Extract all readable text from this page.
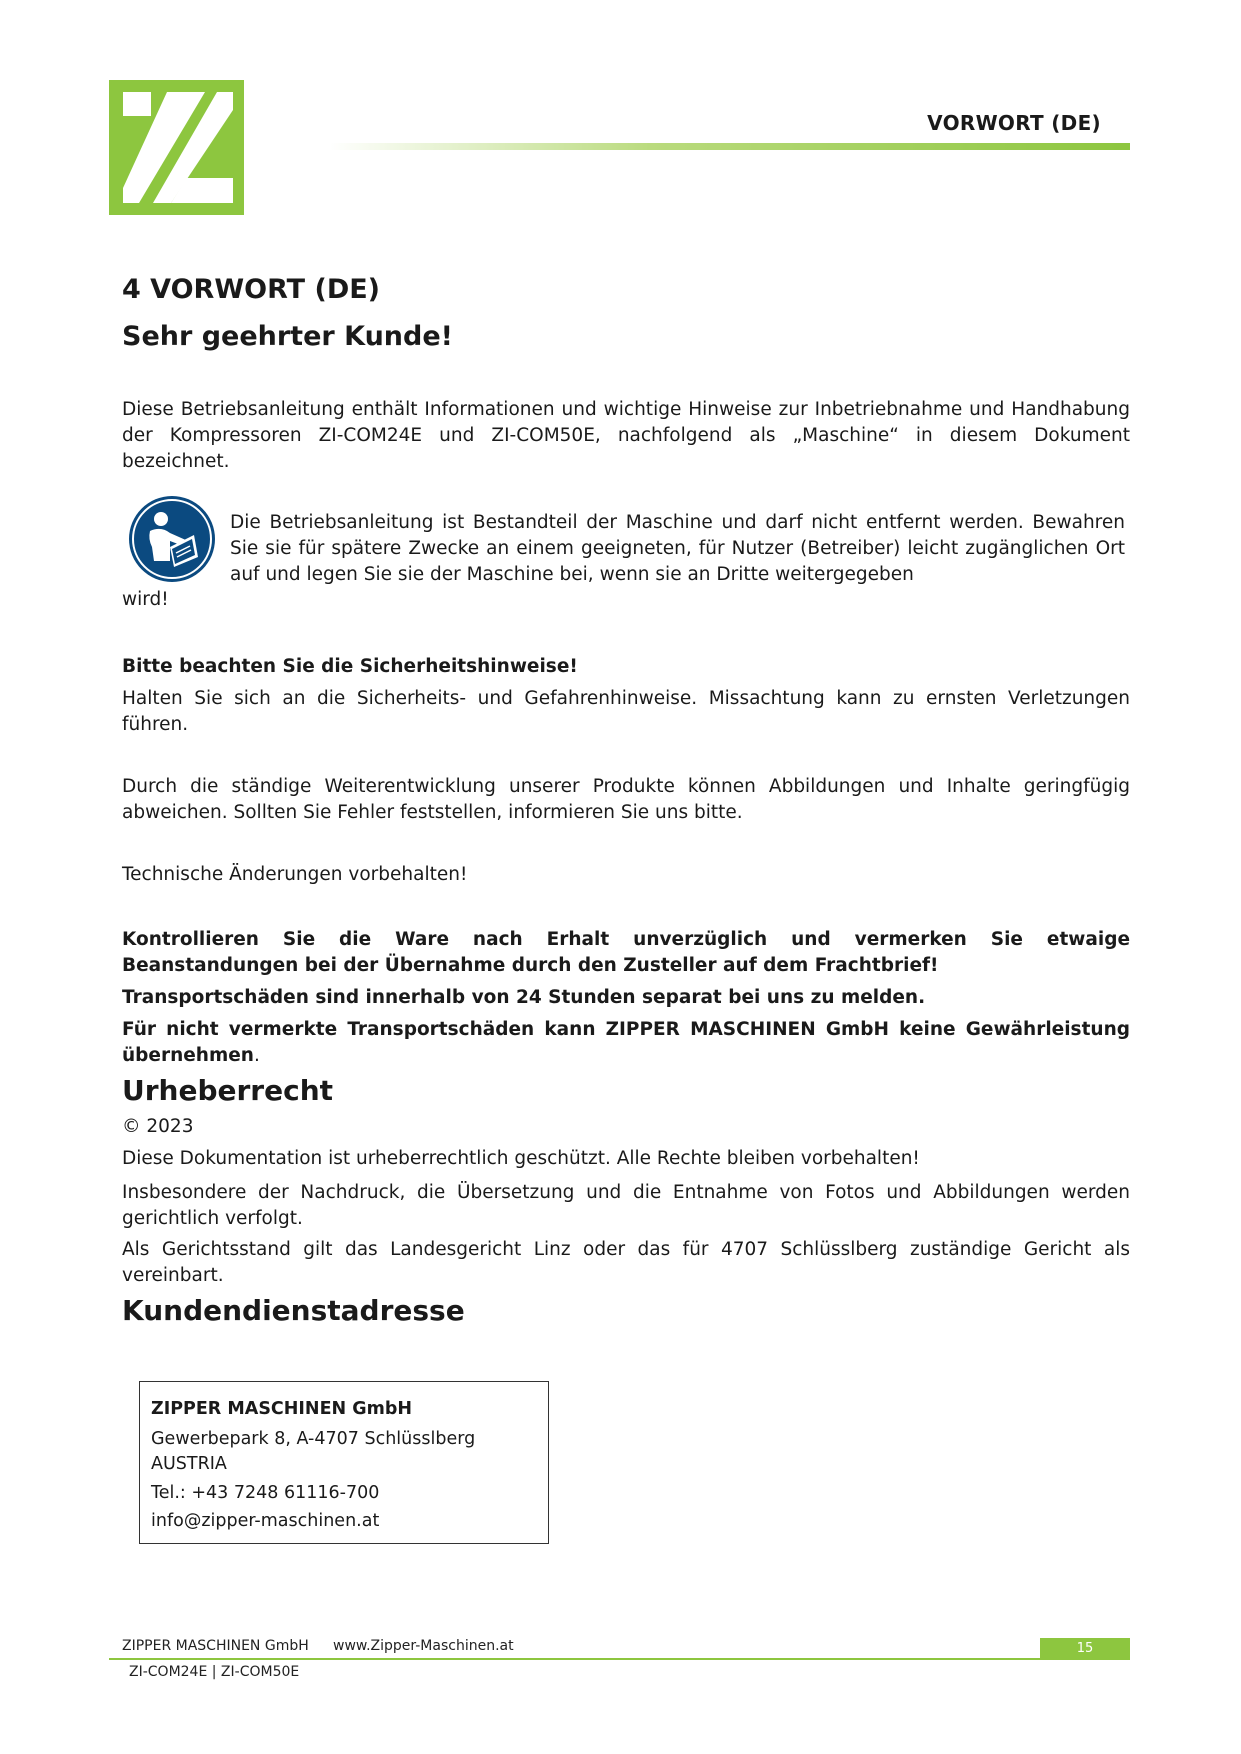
VORWORT (DE)
4 VORWORT (DE)
Sehr geehrter Kunde!

Diese Betriebsanleitung enthält Informationen und wichtige Hinweise zur Inbetriebnahme und Handhabung der Kompressoren ZI-COM24E und ZI-COM50E, nachfolgend als „Maschine“ in diesem Dokument bezeichnet.

Die Betriebsanleitung ist Bestandteil der Maschine und darf nicht entfernt werden. Bewahren Sie sie für spätere Zwecke an einem geeigneten, für Nutzer (Betreiber) leicht zugänglichen Ort auf und legen Sie sie der Maschine bei, wenn sie an Dritte weitergegeben

wird!

Bitte beachten Sie die Sicherheitshinweise!

Halten Sie sich an die Sicherheits- und Gefahrenhinweise. Missachtung kann zu ernsten Verletzungen führen.

Durch die ständige Weiterentwicklung unserer Produkte können Abbildungen und Inhalte geringfügig abweichen. Sollten Sie Fehler feststellen, informieren Sie uns bitte.

Technische Änderungen vorbehalten!

Kontrollieren Sie die Ware nach Erhalt unverzüglich und vermerken Sie etwaige Beanstandungen bei der Übernahme durch den Zusteller auf dem Frachtbrief!

Transportschäden sind innerhalb von 24 Stunden separat bei uns zu melden.

Für nicht vermerkte Transportschäden kann ZIPPER MASCHINEN GmbH keine Gewährleistung übernehmen.

Urheberrecht

© 2023

Diese Dokumentation ist urheberrechtlich geschützt. Alle Rechte bleiben vorbehalten!

Insbesondere der Nachdruck, die Übersetzung und die Entnahme von Fotos und Abbildungen werden gerichtlich verfolgt.

Als Gerichtsstand gilt das Landesgericht Linz oder das für 4707 Schlüsslberg zuständige Gericht als vereinbart.

Kundendienstadresse
ZIPPER MASCHINEN GmbH
Gewerbepark 8, A-4707 Schlüsslberg
AUSTRIA
Tel.: +43 7248 61116-700
info@zipper-maschinen.at
ZIPPER MASCHINEN GmbH www.Zipper-Maschinen.at	15
ZI-COM24E | ZI-COM50E
